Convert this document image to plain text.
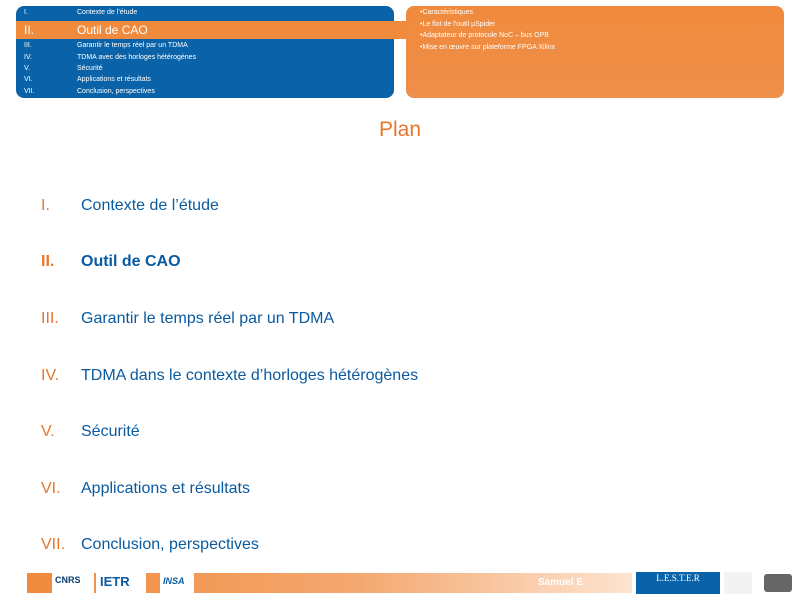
I.	Contexte de l’étude
II.	Outil de CAO
III.	Garantir le temps réel par un TDMA
IV.	TDMA avec des horloges hétérogènes
V.	Sécurité
VI.	Applications et résultats
VII.	Conclusion, perspectives
•Caractéristiques
•Le flot de l’outil µSpider
•Adaptateur de protocole NoC – bus OPB
•Mise en œuvre sur plateforme FPGA Xilinx
Plan
I. Contexte de l’étude
II. Outil de CAO
III. Garantir le temps réel par un TDMA
IV. TDMA dans le contexte d’horloges hétérogènes
V. Sécurité
VI. Applications et résultats
VII. Conclusion, perspectives
CNRS IETR	INSA	Samuel E	L.E.S.T.E.R
